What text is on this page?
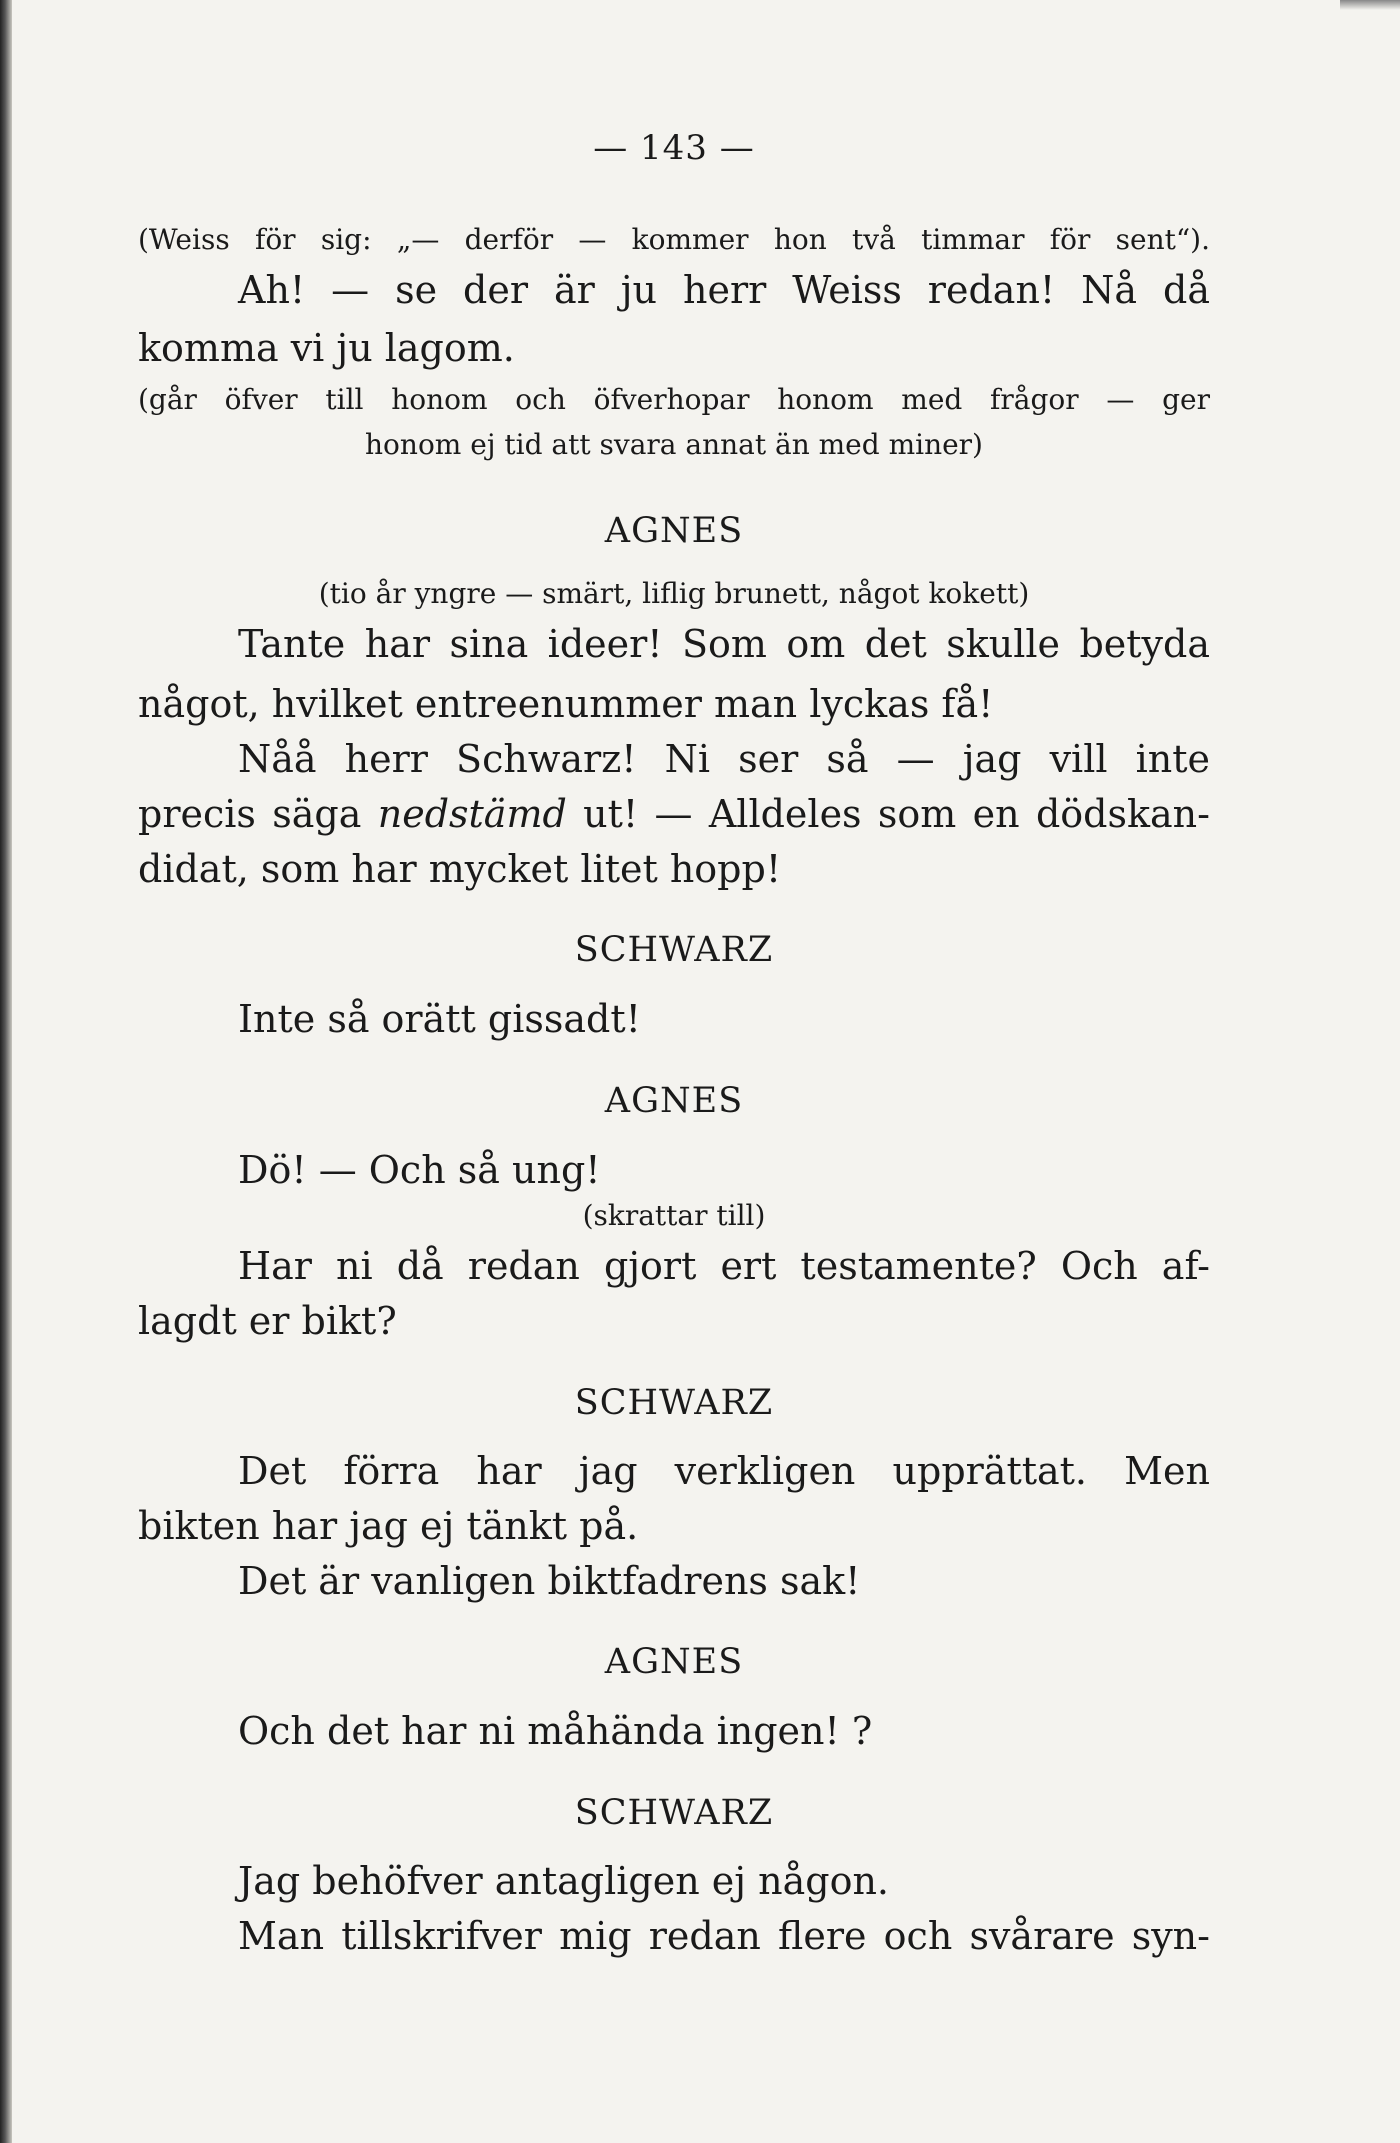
— 143 —
(Weiss för sig: „— derför — kommer hon två timmar för sent“).
Ah! — se der är ju herr Weiss redan! Nå då
komma vi ju lagom.
(går öfver till honom och öfverhopar honom med frågor — ger
honom ej tid att svara annat än med miner)
AGNES
(tio år yngre — smärt, liflig brunett, något kokett)
Tante har sina ideer! Som om det skulle betyda
något, hvilket entreenummer man lyckas få!
Nåå herr Schwarz! Ni ser så — jag vill inte
precis säga nedstämd ut! — Alldeles som en dödskan-
didat, som har mycket litet hopp!
SCHWARZ
Inte så orätt gissadt!
AGNES
Dö! — Och så ung!
(skrattar till)
Har ni då redan gjort ert testamente? Och af-
lagdt er bikt?
SCHWARZ
Det förra har jag verkligen upprättat. Men
bikten har jag ej tänkt på.
Det är vanligen biktfadrens sak!
AGNES
Och det har ni måhända ingen! ?
SCHWARZ
Jag behöfver antagligen ej någon.
Man tillskrifver mig redan flere och svårare syn-
